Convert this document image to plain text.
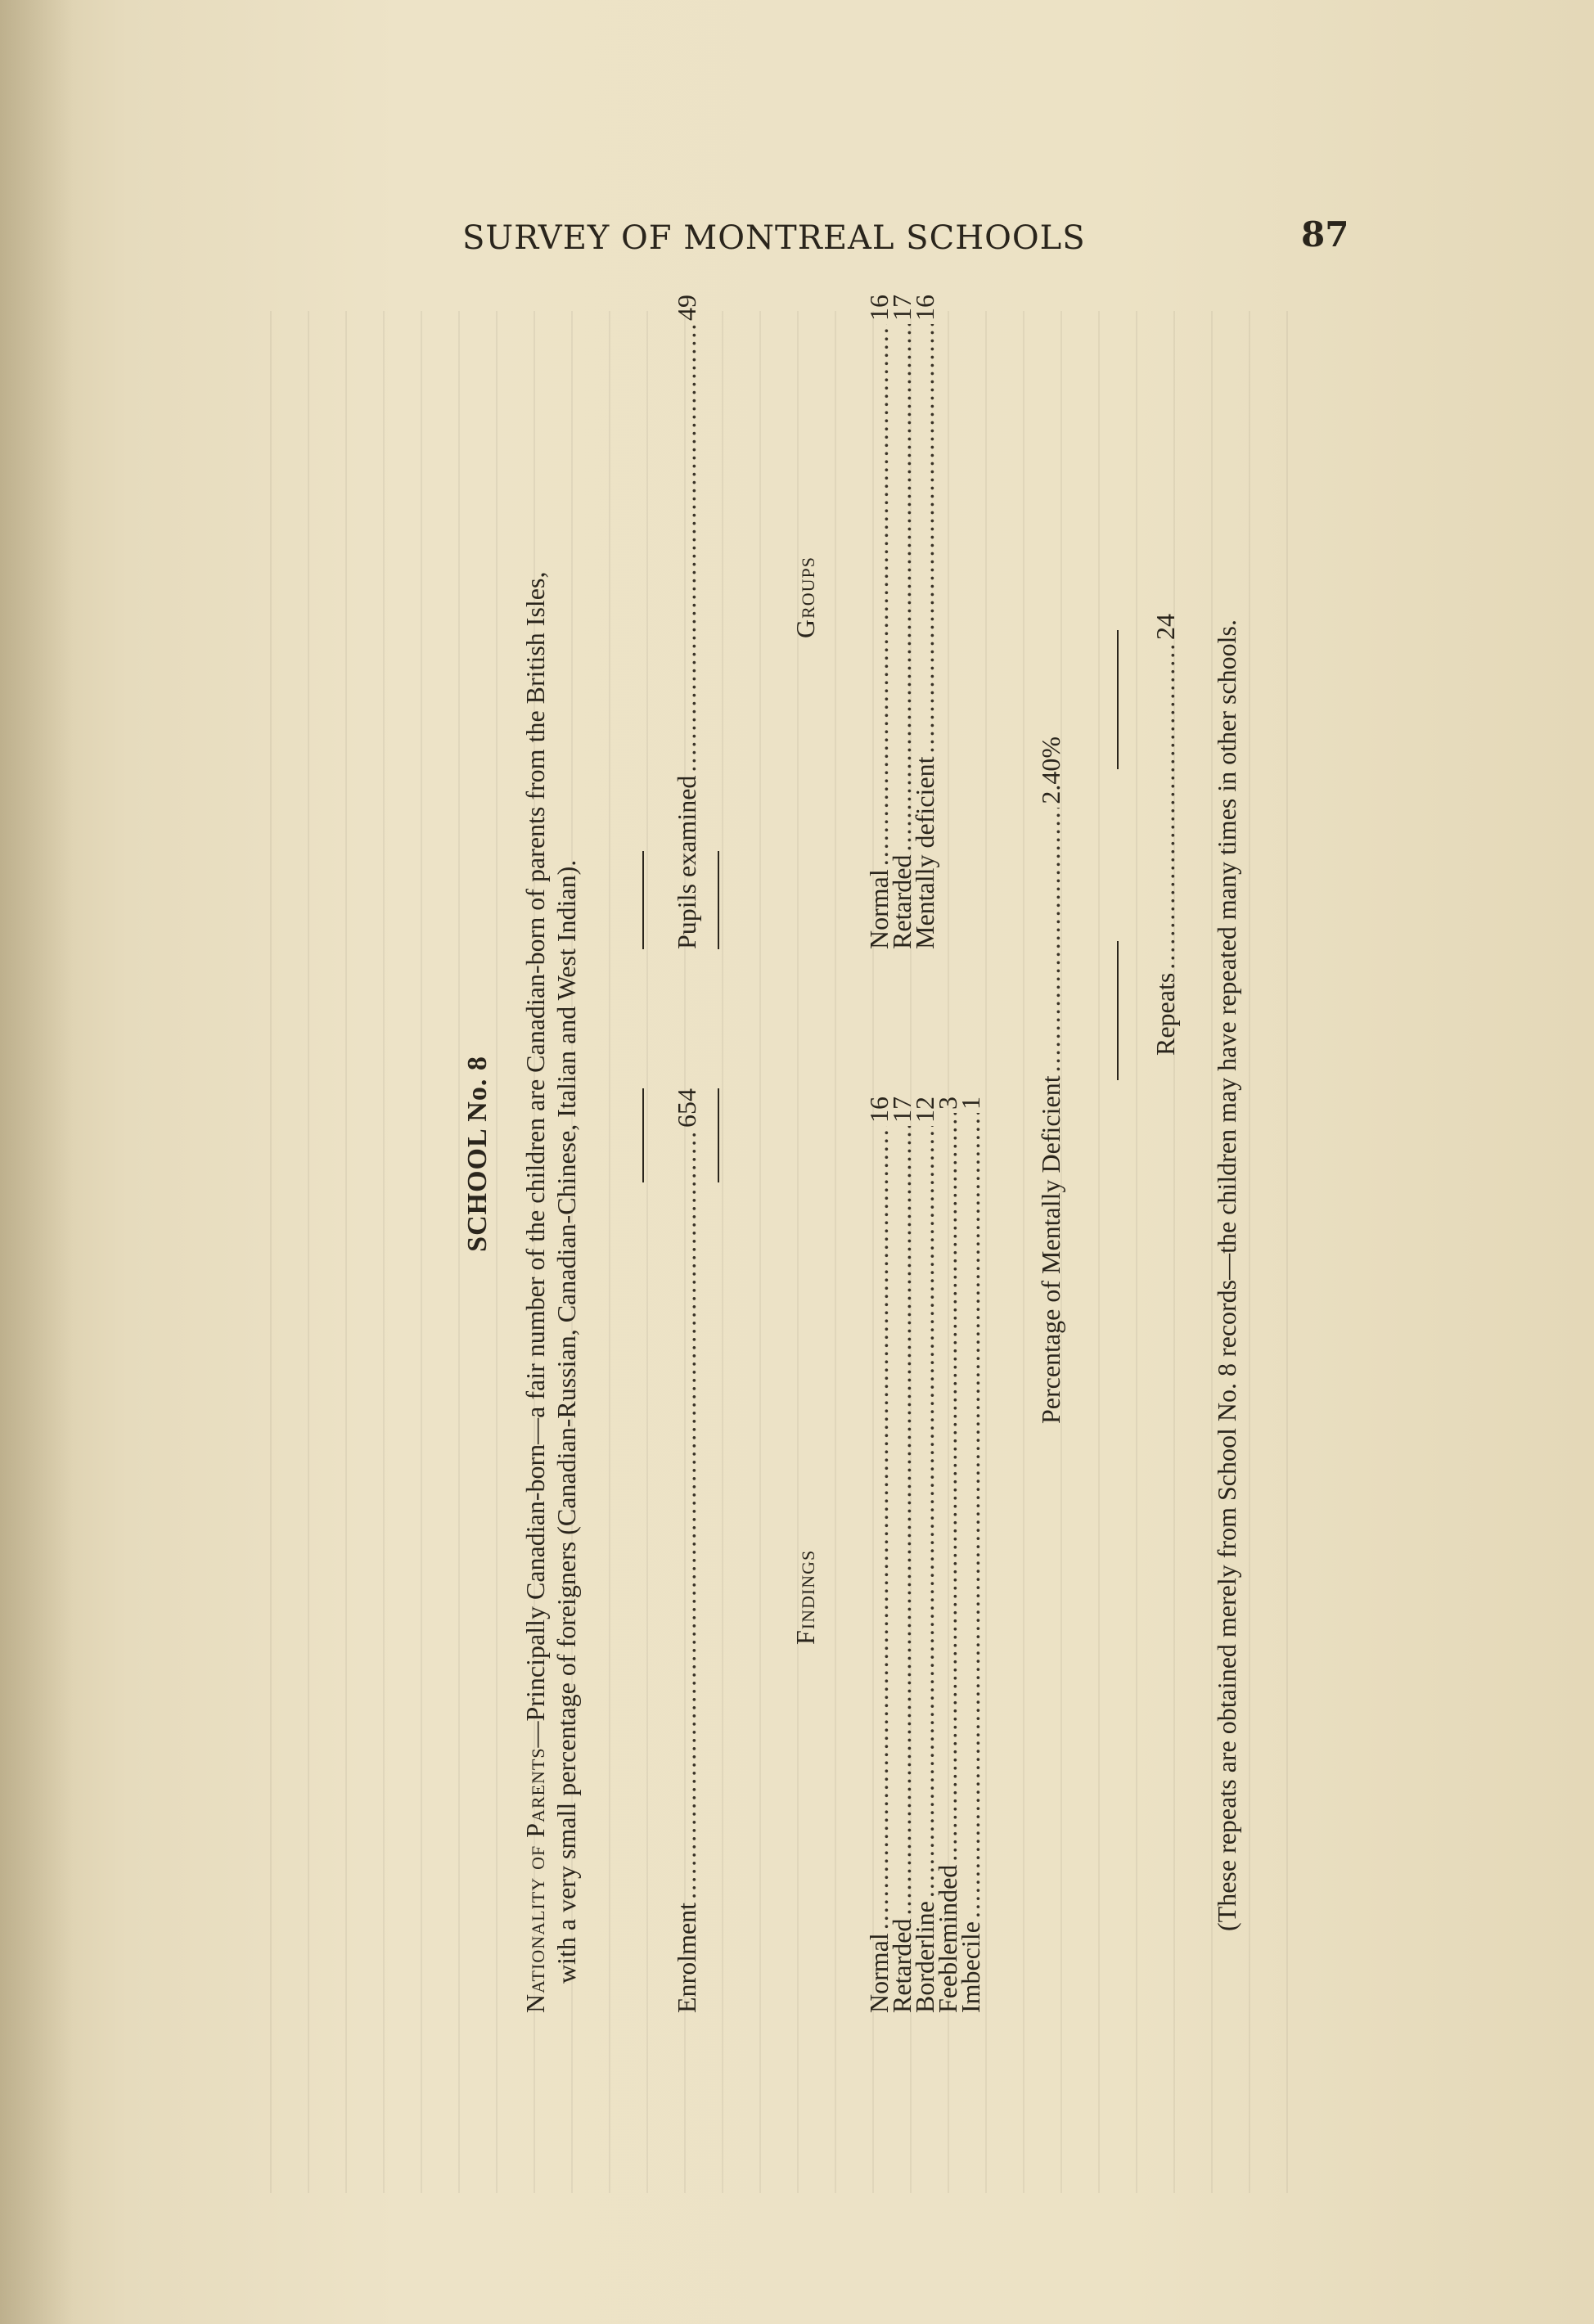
SURVEY OF MONTREAL SCHOOLS	87
SCHOOL No. 8
Nationality of Parents—Principally Canadian-born—a fair number of the children are Canadian-born of parents from the British Isles, with a very small percentage of foreigners (Canadian-Russian, Canadian-Chinese, Italian and West Indian).	Enrolment
.....
654
Pupils examined
.....
49
Findings
Groups
Normal
.....
16
Retarded
.....
17
Borderline
.....
12
Feebleminded
.....
3
Imbecile
.....
1
Normal
.....
16
Retarded
.....
17
Mentally deficient
.....
16
Percentage of Mentally Deficient
.....
2.40%
Repeats
.....
24 (These repeats are obtained merely from School No. 8 records—the children may have repeated many times in other schools.
